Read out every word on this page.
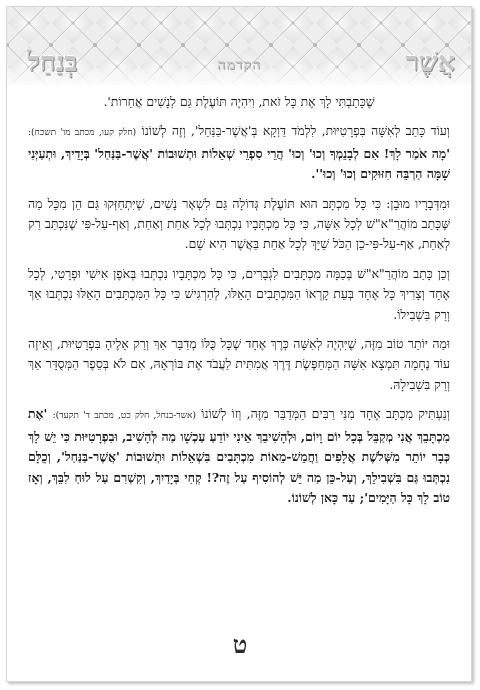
אֲשֶׁר
הקדמה
בְּנַחַל

שֶׁכָּתַבְתִּי לָךְ אֶת כָּל זֹאת, וִיהִיֶה תּוֹעֶלֶת גַּם לְנָשִׁים אֲחֵרוֹת'.

וְעוֹד כָּתַב לְאִשָּׁה בִּפְרָטִיּוּת, לִלְמֹד דַּוְקָא בְּ'אֲשֶׁר-בַּנַּחַל', וְזֶה לְשׁוֹנוֹ (חלק קעו, מכתב מו' תשכח): 'מָה אֹמַר לָךְ! אִם לְבָנֵמְךָ וְכוּ' וְכוּ' הֲרֵי סִפְרֵי שְׁאֵלוֹת וּתְשׁוּבוֹת 'אֲשֶׁר-בַּנַּחַל' בְּיָדֵיךְ, וּתְעַיְּנִי שָׁמָּה הַרְבֵּה חִזּוּקִים וְכוּ' וְכוּ''.

וּמִדְּבָרָיו מוּבָן: כִּי כָּל מִכְתָּב הוּא תּוֹעֶלֶת גְּדוֹלָה גַּם לִשְׁאָר נָשִׁים, שֶׁיִּתְחַזְּקוּ גַּם הֵן מִכָּל מַה שֶּׁכָּתַב מוֹהֲרַ"א"שׁ לְכָל אִשָּׁה, כִּי כָּל מִכְתָּבָיו נִכְתְּבוּ לְכָל אַחַת וְאַחַת, וְאַף-עַל-פִּי שֶׁנִּכְתַּב רַק לְאַחַת, אַף-עַל-פִּי-כֵן הַכֹּל שַׁיָּךְ לְכָל אַחַת בַּאֲשֶׁר הִיא שָׁם.

וְכֵן כָּתַב מוֹהֲרַ"א"שׁ בְּכַמָּה מִכְתָּבִים לִגְבָרִים, כִּי כָּל מִכְתָּבָיו נִכְתְּבוּ בְּאֹפֶן אִישִׁי וּפְרָטִי, לְכָל אֶחָד וְצָרִיךְ כָּל אֶחָד בְּעֵת קָרְאוֹ הַמִּכְתָּבִים הָאֵלּוּ, לְהַרְגִּישׁ כִּי כָּל הַמִּכְתָּבִים הָאֵלּוּ נִכְתְּבוּ אַךְ וְרַק בִּשְׁבִילוֹ.

וּמַה יּוֹתֵר טוֹב מִזֶּה, שֶׁיִּהְיֶה לְאִשָּׁה כְּרֶךְ אֶחָד שֶׁכָּל כֻּלּוֹ מְדַבֵּר אַךְ וְרַק אֵלֶיהָ בִּפְרָטִיּוּת, וְאֵיזֶה עוֹד נֶחָמָה תִּמְצָא אִשָּׁה הַמְּחַפֶּשֶׂת דֶּרֶךְ אֲמִתִּית לַעֲבֹד אֶת בּוֹרְאָהּ, אִם לֹא בְּסֵפֶר הַמְּסֻדָּר אַךְ וְרַק בִּשְׁבִילָהּ.

וְנַעְתִּיק מִכְתָּב אֶחָד מִנִּי רַבִּים הַמְּדַבֵּר מִזֶּה, וְזוֹ לְשׁוֹנוֹ (אשר-בנחל, חלק כט, מכתב ד' תקעד): 'אֶת מִכְתָּבֵךְ אֲנִי מְקַבֵּל בְּכָל יוֹם וָיוֹם, וּלְהָשִׁיבֵךְ אֵינִי יוֹדֵעַ עַכְשָׁו מַה לְּהָשִׁיב, וּבִפְרָטִיּוּת כִּי יֵשׁ לָךְ כְּבָר יוֹתֵר מִשְּׁלֹשֶׁת אֲלָפִים וַחֲמֵשׁ-מֵאוֹת מִכְתָּבִים בִּשְׁאֵלוֹת וּתְשׁוּבוֹת 'אֲשֶׁר-בַּנַּחַל', וְכֻלָּם נִכְתְּבוּ גַּם בִּשְׁבִילֵךְ, וְעַל-כֵּן מַה יֵּשׁ לְהוֹסִיף עַל זֶה?! קְחִי בְּיָדַיִךְ, וְקִשְׁרִם עַל לוּחַ לִבֵּךְ, וְאָז טוֹב לָךְ כָּל הַיָּמִים'; עַד כָּאן לְשׁוֹנוֹ.

ט
